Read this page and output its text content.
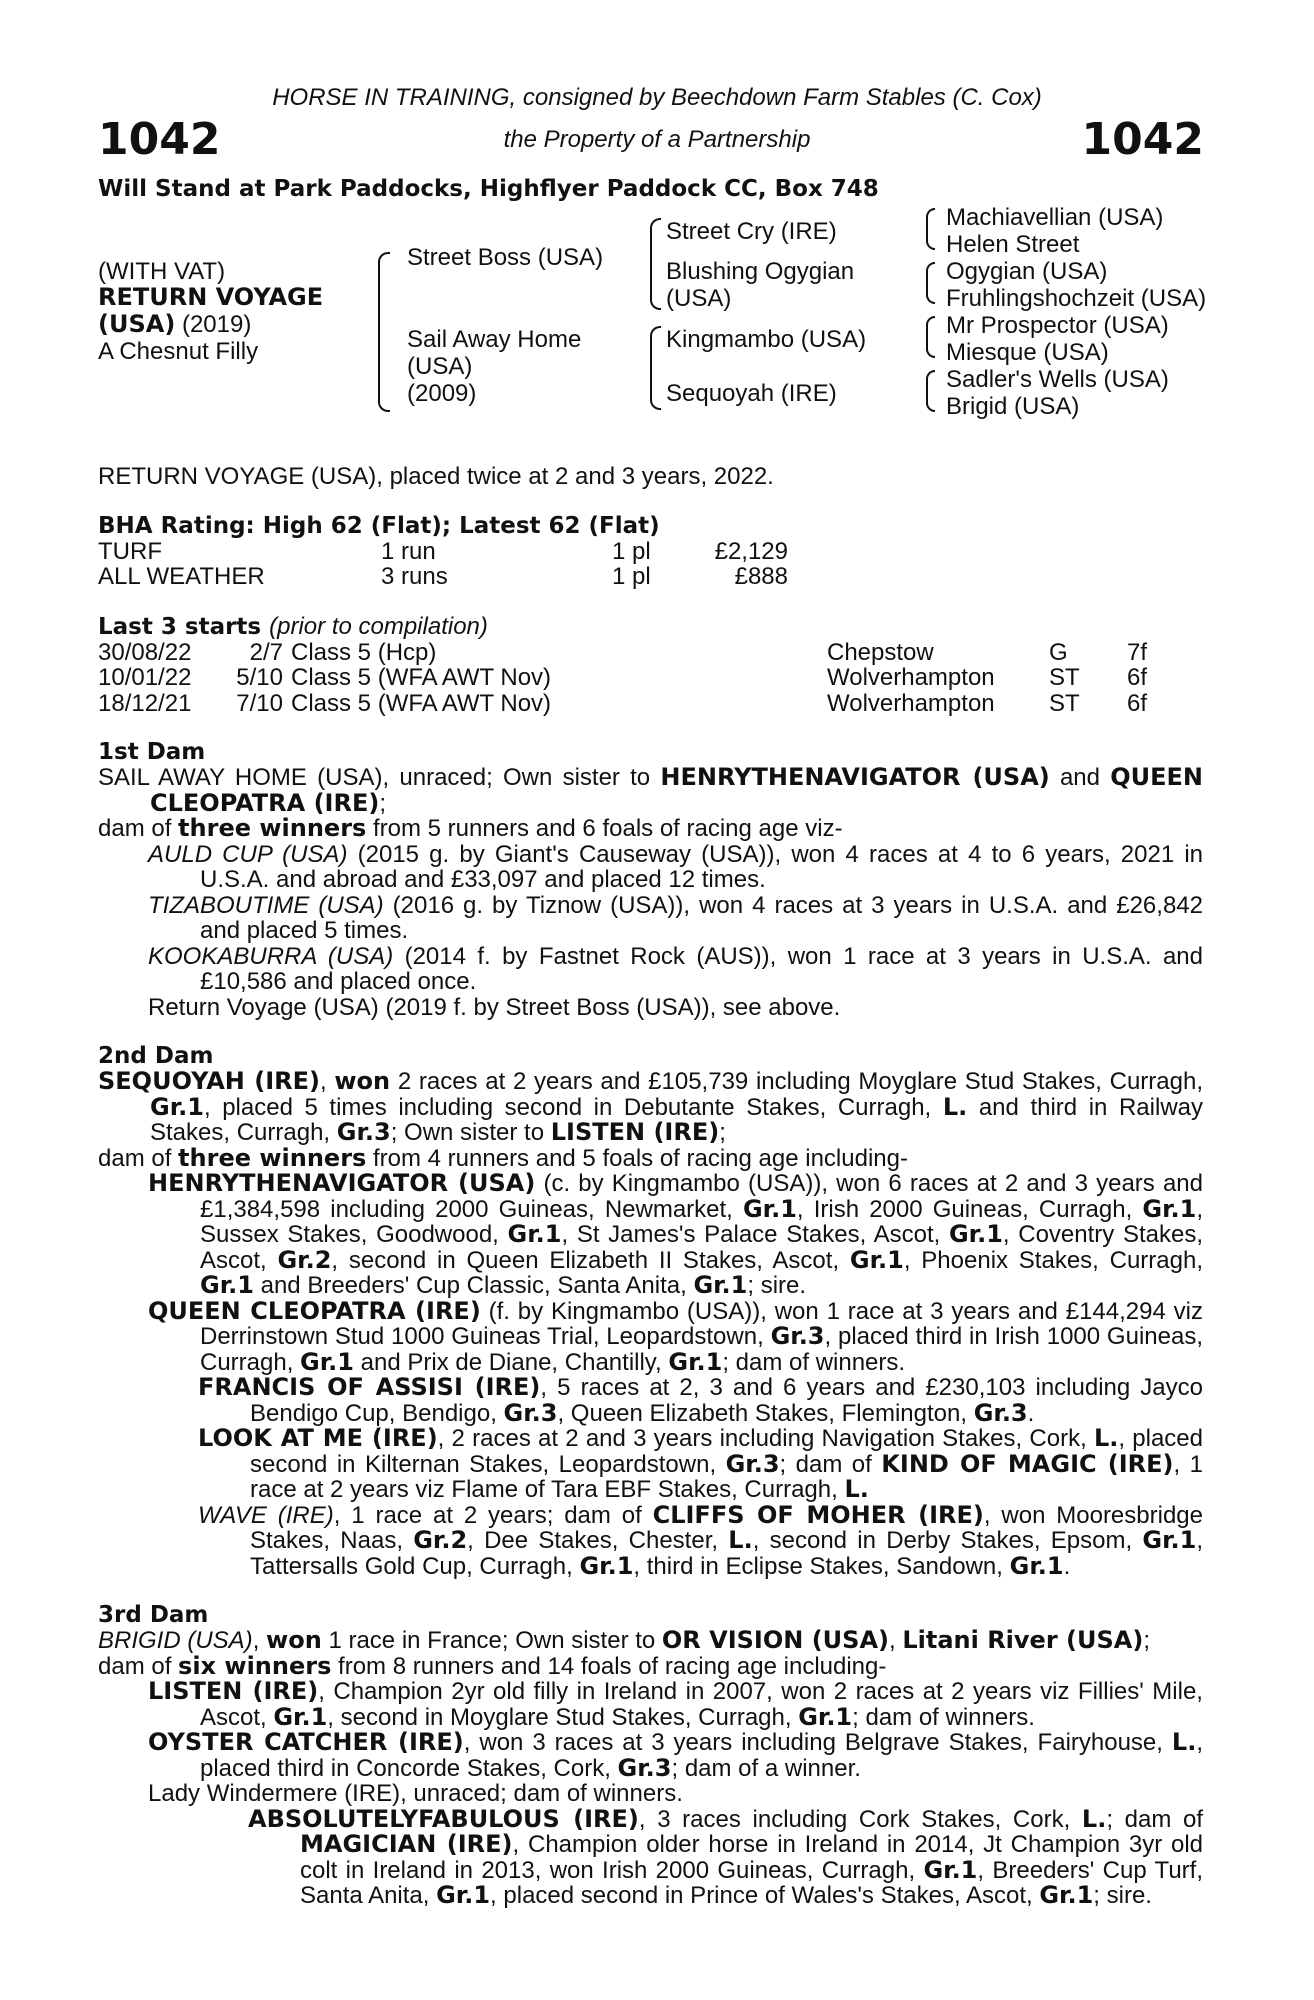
HORSE IN TRAINING, consigned by Beechdown Farm Stables (C. Cox)
the Property of a Partnership
1042	1042
Will Stand at Park Paddocks, Highflyer Paddock CC, Box 748
(WITH VAT)
RETURN VOYAGE
(USA) (2019)
A Chesnut Filly
Street Boss (USA)
Sail Away Home
(USA)
(2009)
Street Cry (IRE)
Blushing Ogygian
(USA)
Kingmambo (USA)
Sequoyah (IRE)
Machiavellian (USA)
Helen Street
Ogygian (USA)
Fruhlingshochzeit (USA)
Mr Prospector (USA)
Miesque (USA)
Sadler's Wells (USA)
Brigid (USA)

RETURN VOYAGE (USA), placed twice at 2 and 3 years, 2022.

BHA Rating: High 62 (Flat); Latest 62 (Flat)
TURF	1 run	1 pl	£2,129
ALL WEATHER	3 runs	1 pl	£888
Last 3 starts (prior to compilation)
30/08/22	2/7	Class 5 (Hcp)	Chepstow	G	7f
10/01/22	5/10	Class 5 (WFA AWT Nov)	Wolverhampton	ST	6f
18/12/21	7/10	Class 5 (WFA AWT Nov)	Wolverhampton	ST	6f
1st Dam

SAIL AWAY HOME (USA), unraced; Own sister to HENRYTHENAVIGATOR (USA) and QUEEN CLEOPATRA (IRE);

dam of three winners from 5 runners and 6 foals of racing age viz-

AULD CUP (USA) (2015 g. by Giant's Causeway (USA)), won 4 races at 4 to 6 years, 2021 in U.S.A. and abroad and £33,097 and placed 12 times.

TIZABOUTIME (USA) (2016 g. by Tiznow (USA)), won 4 races at 3 years in U.S.A. and £26,842 and placed 5 times.

KOOKABURRA (USA) (2014 f. by Fastnet Rock (AUS)), won 1 race at 3 years in U.S.A. and £10,586 and placed once.

Return Voyage (USA) (2019 f. by Street Boss (USA)), see above.

2nd Dam

SEQUOYAH (IRE), won 2 races at 2 years and £105,739 including Moyglare Stud Stakes, Curragh, Gr.1, placed 5 times including second in Debutante Stakes, Curragh, L. and third in Railway Stakes, Curragh, Gr.3; Own sister to LISTEN (IRE);

dam of three winners from 4 runners and 5 foals of racing age including-

HENRYTHENAVIGATOR (USA) (c. by Kingmambo (USA)), won 6 races at 2 and 3 years and £1,384,598 including 2000 Guineas, Newmarket, Gr.1, Irish 2000 Guineas, Curragh, Gr.1, Sussex Stakes, Goodwood, Gr.1, St James's Palace Stakes, Ascot, Gr.1, Coventry Stakes, Ascot, Gr.2, second in Queen Elizabeth II Stakes, Ascot, Gr.1, Phoenix Stakes, Curragh, Gr.1 and Breeders' Cup Classic, Santa Anita, Gr.1; sire.

QUEEN CLEOPATRA (IRE) (f. by Kingmambo (USA)), won 1 race at 3 years and £144,294 viz Derrinstown Stud 1000 Guineas Trial, Leopardstown, Gr.3, placed third in Irish 1000 Guineas, Curragh, Gr.1 and Prix de Diane, Chantilly, Gr.1; dam of winners.

FRANCIS OF ASSISI (IRE), 5 races at 2, 3 and 6 years and £230,103 including Jayco Bendigo Cup, Bendigo, Gr.3, Queen Elizabeth Stakes, Flemington, Gr.3.

LOOK AT ME (IRE), 2 races at 2 and 3 years including Navigation Stakes, Cork, L., placed second in Kilternan Stakes, Leopardstown, Gr.3; dam of KIND OF MAGIC (IRE), 1 race at 2 years viz Flame of Tara EBF Stakes, Curragh, L.

WAVE (IRE), 1 race at 2 years; dam of CLIFFS OF MOHER (IRE), won Mooresbridge Stakes, Naas, Gr.2, Dee Stakes, Chester, L., second in Derby Stakes, Epsom, Gr.1, Tattersalls Gold Cup, Curragh, Gr.1, third in Eclipse Stakes, Sandown, Gr.1.

3rd Dam

BRIGID (USA), won 1 race in France; Own sister to OR VISION (USA), Litani River (USA);

dam of six winners from 8 runners and 14 foals of racing age including-

LISTEN (IRE), Champion 2yr old filly in Ireland in 2007, won 2 races at 2 years viz Fillies' Mile, Ascot, Gr.1, second in Moyglare Stud Stakes, Curragh, Gr.1; dam of winners.

OYSTER CATCHER (IRE), won 3 races at 3 years including Belgrave Stakes, Fairyhouse, L., placed third in Concorde Stakes, Cork, Gr.3; dam of a winner.

Lady Windermere (IRE), unraced; dam of winners.

ABSOLUTELYFABULOUS (IRE), 3 races including Cork Stakes, Cork, L.; dam of MAGICIAN (IRE), Champion older horse in Ireland in 2014, Jt Champion 3yr old colt in Ireland in 2013, won Irish 2000 Guineas, Curragh, Gr.1, Breeders' Cup Turf, Santa Anita, Gr.1, placed second in Prince of Wales's Stakes, Ascot, Gr.1; sire.
